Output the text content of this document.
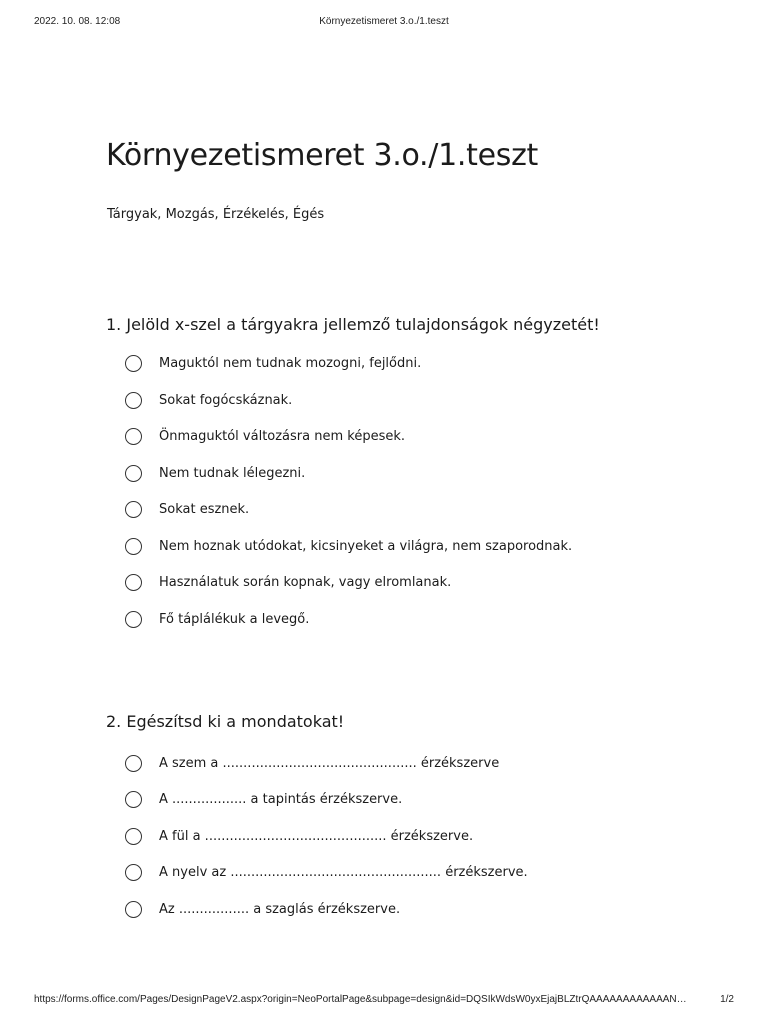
2022. 10. 08. 12:08	Környezetismeret 3.o./1.teszt
Környezetismeret 3.o./1.teszt
Tárgyak, Mozgás, Érzékelés, Égés
1. Jelöld x-szel a tárgyakra jellemző tulajdonságok négyzetét!
Maguktól nem tudnak mozogni, fejlődni.
Sokat fogócskáznak.
Önmaguktól változásra nem képesek.
Nem tudnak lélegezni.
Sokat esznek.
Nem hoznak utódokat, kicsinyeket a világra, nem szaporodnak.
Használatuk során kopnak, vagy elromlanak.
Fő táplálékuk a levegő.
2. Egészítsd ki a mondatokat!
A szem a ............................................... érzékszerve
A .................. a tapintás érzékszerve.
A fül a ............................................ érzékszerve.
A nyelv az ................................................... érzékszerve.
Az ................. a szaglás érzékszerve.
https://forms.office.com/Pages/DesignPageV2.aspx?origin=NeoPortalPage&subpage=design&id=DQSIkWdsW0yxEjajBLZtrQAAAAAAAAAAAAN…	1/2
